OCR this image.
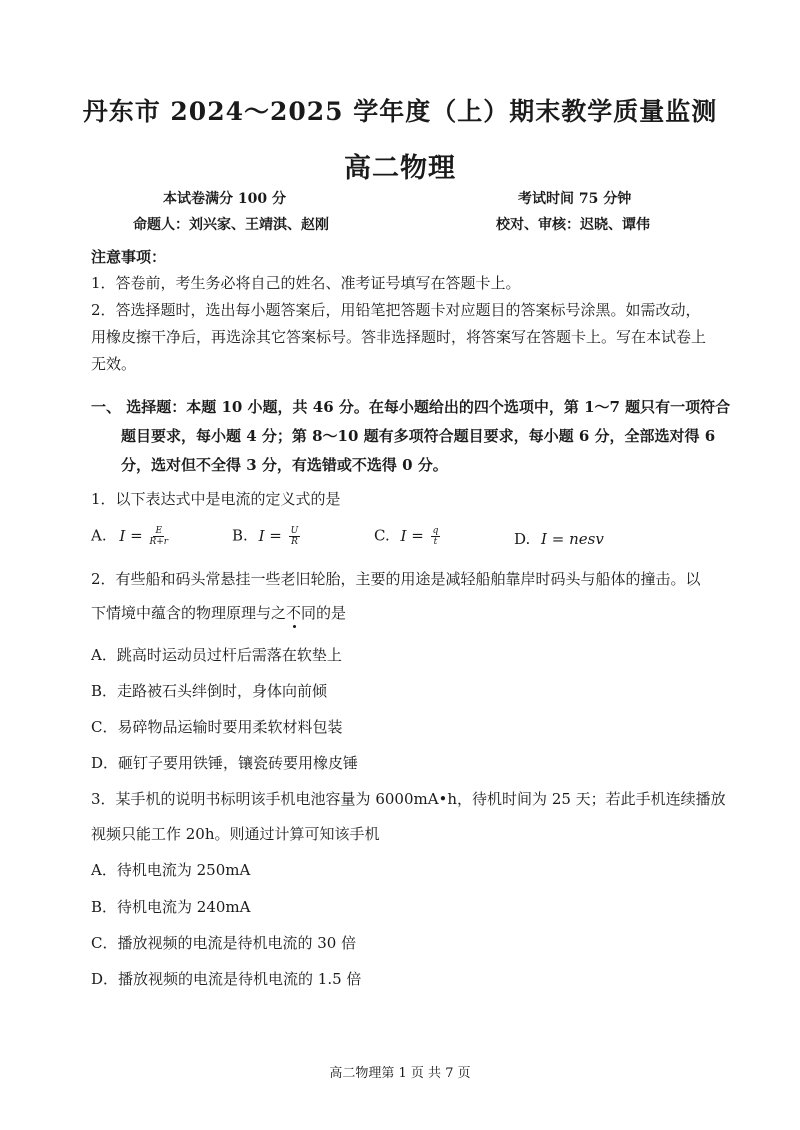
丹东市 2024～2025 学年度（上）期末教学质量监测
高二物理
本试卷满分 100 分	考试时间 75 分钟
命题人：刘兴家、王靖淇、赵刚	校对、审核：迟晓、谭伟
注意事项：
1．答卷前，考生务必将自己的姓名、准考证号填写在答题卡上。
2．答选择题时，选出每小题答案后，用铅笔把答题卡对应题目的答案标号涂黑。如需改动，
用橡皮擦干净后，再选涂其它答案标号。答非选择题时，将答案写在答题卡上。写在本试卷上
无效。
一、 选择题：本题 10 小题，共 46 分。在每小题给出的四个选项中，第 1～7 题只有一项符合
题目要求，每小题 4 分；第 8～10 题有多项符合题目要求，每小题 6 分，全部选对得 6
分，选对但不全得 3 分，有选错或不选得 0 分。
1．以下表达式中是电流的定义式的是
A. $I = \frac{E}{R+r}$	B. $I = \frac{U}{R}$	C. $I = \frac{q}{t}$	D. I = nesv
2．有些船和码头常悬挂一些老旧轮胎，主要的用途是减轻船舶靠岸时码头与船体的撞击。以
下情境中蕴含的物理原理与之不同的是
A．跳高时运动员过杆后需落在软垫上
B．走路被石头绊倒时，身体向前倾
C．易碎物品运输时要用柔软材料包装
D．砸钉子要用铁锤，镶瓷砖要用橡皮锤
3．某手机的说明书标明该手机电池容量为 6000mA•h，待机时间为 25 天；若此手机连续播放
视频只能工作 20h。则通过计算可知该手机
A．待机电流为 250mA
B．待机电流为 240mA
C．播放视频的电流是待机电流的 30 倍
D．播放视频的电流是待机电流的 1.5 倍
高二物理第 1 页 共 7 页
